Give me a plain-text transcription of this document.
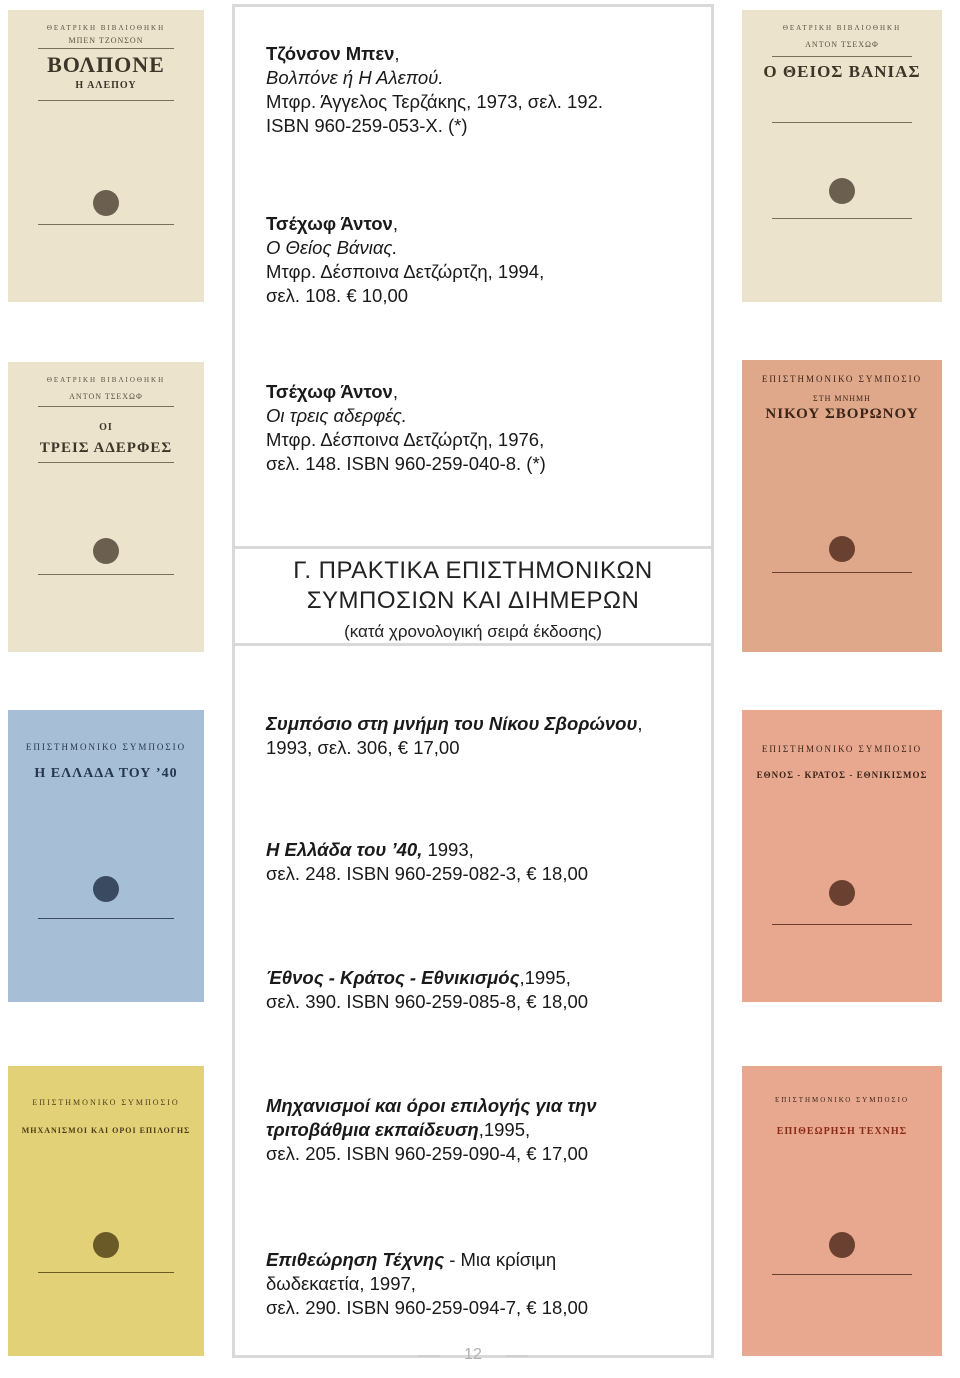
ΘΕΑΤΡΙΚΗ ΒΙΒΛΙΟΘΗΚΗ
ΜΠΕΝ ΤΖΟΝΣΟΝ
ΒΟΛΠΟΝΕ
Η ΑΛΕΠΟΥ
ΘΕΑΤΡΙΚΗ ΒΙΒΛΙΟΘΗΚΗ
ΑΝΤΟΝ ΤΣΕΧΩΦ
Ο ΘΕΙΟΣ ΒΑΝΙΑΣ
ΘΕΑΤΡΙΚΗ ΒΙΒΛΙΟΘΗΚΗ
ΑΝΤΟΝ ΤΣΕΧΩΦ
ΟΙ
ΤΡΕΙΣ ΑΔΕΡΦΕΣ
ΕΠΙΣΤΗΜΟΝΙΚΟ ΣΥΜΠΟΣΙΟ
ΣΤΗ ΜΝΗΜΗ
ΝΙΚΟΥ ΣΒΟΡΩΝΟΥ
ΕΠΙΣΤΗΜΟΝΙΚΟ ΣΥΜΠΟΣΙΟ
Η ΕΛΛΑΔΑ ΤΟΥ ’40
ΕΠΙΣΤΗΜΟΝΙΚΟ ΣΥΜΠΟΣΙΟ
ΕΘΝΟΣ - ΚΡΑΤΟΣ - ΕΘΝΙΚΙΣΜΟΣ
ΕΠΙΣΤΗΜΟΝΙΚΟ ΣΥΜΠΟΣΙΟ
ΜΗΧΑΝΙΣΜΟΙ ΚΑΙ ΟΡΟΙ ΕΠΙΛΟΓΗΣ
ΕΠΙΣΤΗΜΟΝΙΚΟ ΣΥΜΠΟΣΙΟ
ΕΠΙΘΕΩΡΗΣΗ ΤΕΧΝΗΣ
Τζόνσον Μπεν,
Βολπόνε ή Η Αλεπού.
Μτφρ. Άγγελος Τερζάκης, 1973, σελ. 192.
ISBN 960-259-053-X. (*)
Τσέχωφ Άντον,
Ο Θείος Βάνιας.
Μτφρ. Δέσποινα Δετζώρτζη, 1994,
σελ. 108. € 10,00
Τσέχωφ Άντον,
Οι τρεις αδερφές.
Μτφρ. Δέσποινα Δετζώρτζη, 1976,
σελ. 148. ISBN 960-259-040-8. (*)
Γ. ΠΡΑΚΤΙΚΑ ΕΠΙΣΤΗΜΟΝΙΚΩΝ
ΣΥΜΠΟΣΙΩΝ ΚΑΙ ΔΙΗΜΕΡΩΝ
(κατά χρονολογική σειρά έκδοσης)
Συμπόσιο στη μνήμη του Νίκου Σβορώνου,
1993, σελ. 306, € 17,00
Η Ελλάδα του ’40, 1993,
σελ. 248. ISBN 960-259-082-3, € 18,00
Έθνος - Κράτος - Εθνικισμός,1995,
σελ. 390. ISBN 960-259-085-8, € 18,00
Μηχανισμοί και όροι επιλογής για την
τριτοβάθμια εκπαίδευση,1995,
σελ. 205. ISBN 960-259-090-4, € 17,00
Επιθεώρηση Τέχνης - Μια κρίσιμη
δωδεκαετία, 1997,
σελ. 290. ISBN 960-259-094-7, € 18,00
12
